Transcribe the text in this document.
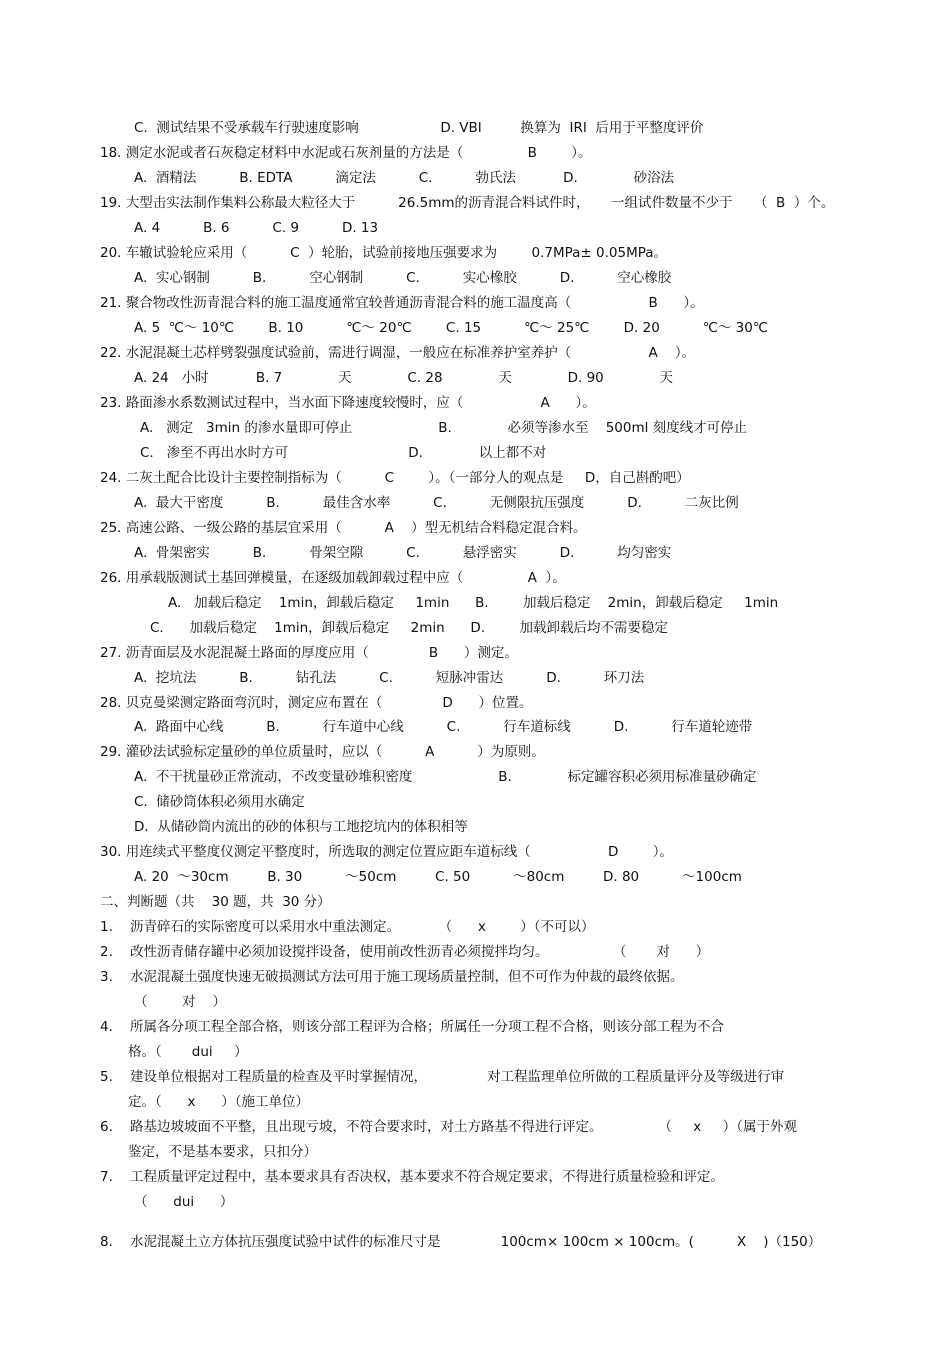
C.  测试结果不受承载车行驶速度影响                   D. VBI         换算为  IRI  后用于平整度评价
18. 测定水泥或者石灰稳定材料中水泥或石灰剂量的方法是（               B        ）。
A.  酒精法          B. EDTA          滴定法          C.          勃氏法           D.             砂浴法
19. 大型击实法制作集料公称最大粒径大于          26.5mm的沥青混合料试件时，     一组试件数量不少于     （  B  ）个。
A. 4          B. 6          C. 9          D. 13
20. 车辙试验轮应采用（          C  ）轮胎，试验前接地压强要求为        0.7MPa± 0.05MPa。
A.  实心钢制          B.          空心钢制          C.          实心橡胶          D.          空心橡胶
21. 聚合物改性沥青混合料的施工温度通常宜较普通沥青混合料的施工温度高（                  B      ）。
A. 5  ℃～ 10℃        B. 10          ℃～ 20℃        C. 15          ℃～ 25℃        D. 20          ℃～ 30℃
22. 水泥混凝土芯样劈裂强度试验前，需进行调湿，一般应在标准养护室养护（                  A    ）。
A. 24   小时           B. 7             天             C. 28             天             D. 90             天
23. 路面渗水系数测试过程中，当水面下降速度较慢时，应（                  A      ）。
A.   测定   3min 的渗水量即可停止                    B.             必须等渗水至    500ml 刻度线才可停止
C.   渗至不再出水时方可                            D.             以上都不对
24. 二灰土配合比设计主要控制指标为（          C        ）。（一部分人的观点是     D，自己斟酌吧）
A.  最大干密度          B.          最佳含水率          C.          无侧限抗压强度          D.          二灰比例
25. 高速公路、一级公路的基层宜采用（          A    ）型无机结合料稳定混合料。
A.  骨架密实          B.          骨架空隙          C.          悬浮密实          D.          均匀密实
26. 用承载版测试土基回弹模量，在逐级加载卸载过程中应（               A  ）。
A.   加载后稳定    1min，卸载后稳定     1min      B.        加载后稳定    2min，卸载后稳定     1min
C.      加载后稳定    1min，卸载后稳定     2min      D.        加载卸载后均不需要稳定
27. 沥青面层及水泥混凝土路面的厚度应用（              B      ）测定。
A.  挖坑法          B.          钻孔法          C.          短脉冲雷达          D.          环刀法
28. 贝克曼梁测定路面弯沉时，测定应布置在（              D      ）位置。
A.  路面中心线          B.          行车道中心线          C.          行车道标线          D.          行车道轮迹带
29. 灌砂法试验标定量砂的单位质量时，应以（          A          ）为原则。
A.  不干扰量砂正常流动，不改变量砂堆积密度                    B.             标定罐容积必须用标准量砂确定
C.  储砂筒体积必须用水确定
D.  从储砂筒内流出的砂的体积与工地挖坑内的体积相等
30. 用连续式平整度仪测定平整度时，所选取的测定位置应距车道标线（                  D        ）。
A. 20  ～30cm         B. 30          ～50cm         C. 50          ～80cm         D. 80          ～100cm
二、判断题（共    30 题，共  30 分）
1.    沥青碎石的实际密度可以采用水中重法测定。         （      x        ）（不可以）
2.    改性沥青储存罐中必须加设搅拌设备，使用前改性沥青必须搅拌均匀。               （       对      ）
3.    水泥混凝土强度快速无破损测试方法可用于施工现场质量控制，但不可作为仲裁的最终依据。
（        对    ）
4.    所属各分项工程全部合格，则该分部工程评为合格；所属任一分项工程不合格，则该分部工程为不合
格。（       dui     ）
5.    建设单位根据对工程质量的检查及平时掌握情况，              对工程监理单位所做的工程质量评分及等级进行审
定。（      x      ）（施工单位）
6.    路基边坡坡面不平整，且出现亏坡，不符合要求时，对土方路基不得进行评定。             （     x     ）（属于外观
鉴定，不是基本要求，只扣分）
7.    工程质量评定过程中，基本要求具有否决权，基本要求不符合规定要求，不得进行质量检验和评定。
（      dui      ）
8.    水泥混凝土立方体抗压强度试验中试件的标准尺寸是              100cm× 100cm × 100cm。(          X    )（150）
